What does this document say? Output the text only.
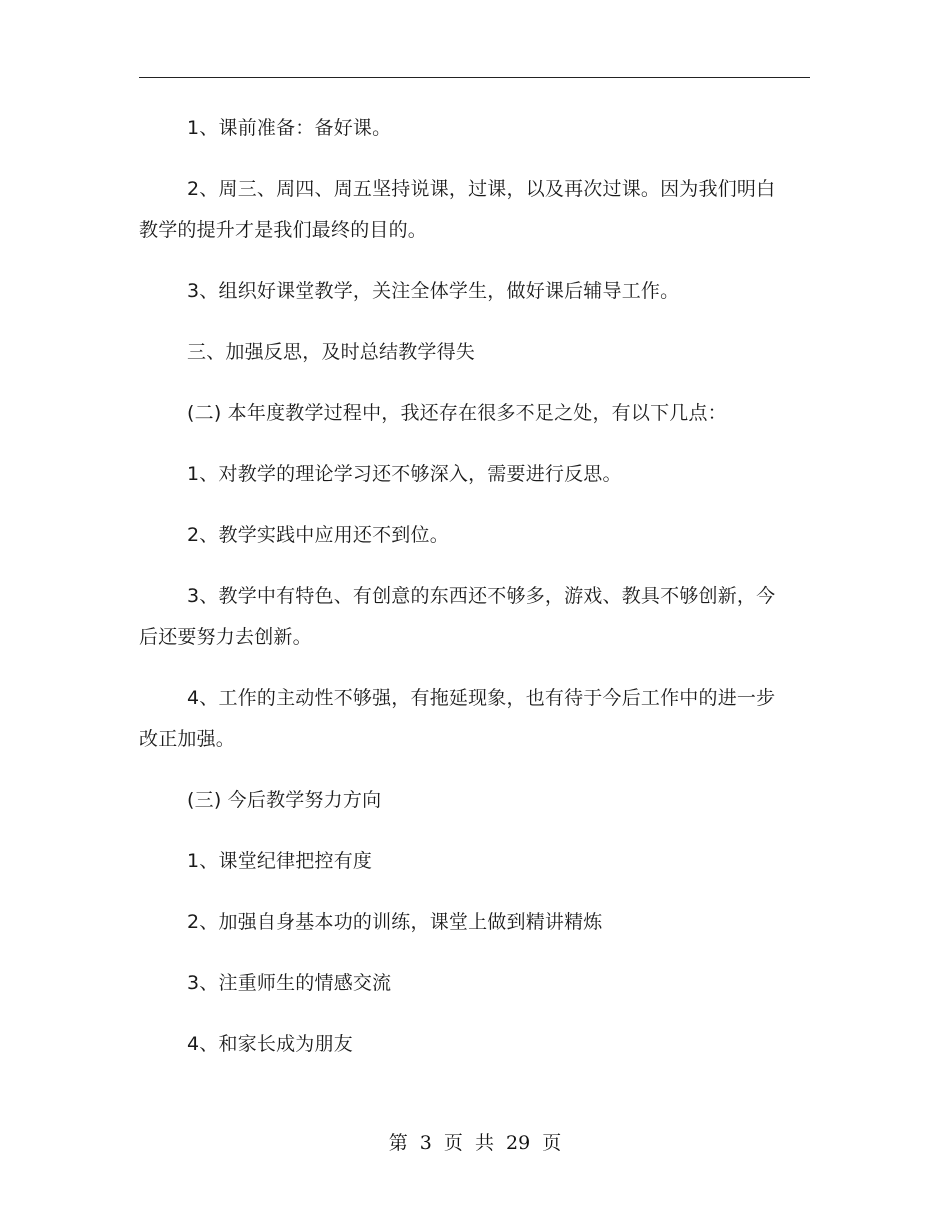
1、课前准备：备好课。

2、周三、周四、周五坚持说课，过课，以及再次过课。因为我们明白教学的提升才是我们最终的目的。

3、组织好课堂教学，关注全体学生，做好课后辅导工作。

三、加强反思，及时总结教学得失

(二) 本年度教学过程中，我还存在很多不足之处，有以下几点：

1、对教学的理论学习还不够深入，需要进行反思。

2、教学实践中应用还不到位。

3、教学中有特色、有创意的东西还不够多，游戏、教具不够创新，今后还要努力去创新。

4、工作的主动性不够强，有拖延现象，也有待于今后工作中的进一步改正加强。

(三) 今后教学努力方向

1、课堂纪律把控有度

2、加强自身基本功的训练，课堂上做到精讲精炼

3、注重师生的情感交流

4、和家长成为朋友

第 3 页 共 29 页
